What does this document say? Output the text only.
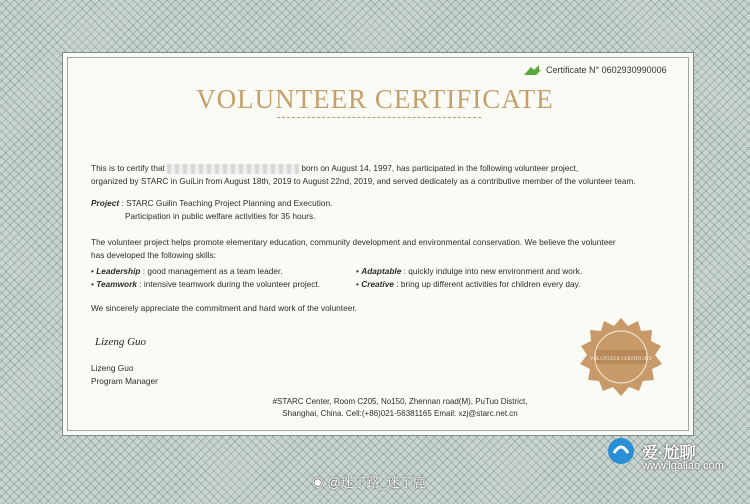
Certificate N° 0602930990006
VOLUNTEER CERTIFICATE
This is to certify that	born on August 14, 1997, has participated in the following volunteer project,
organized by STARC in GuiLin from August 18th, 2019 to August 22nd, 2019, and served dedicately as a contributive member of the volunteer team.
Project : STARC Guilin Teaching Project Planning and Execution.
Participation in public welfare activities for 35 hours.
The volunteer project helps promote elementary education, community development and environmental conservation. We believe the volunteer
has developed the following skills:
• Leadership : good management as a team leader.
• Teamwork : intensive teamwork during the volunteer project.
• Adaptable : quickly indulge into new environment and work.
• Creative : bring up different activities for children every day.
We sincerely appreciate the commitment and hard work of the volunteer.
Lizeng Guo
Lizeng Guo
Program Manager
#STARC Center, Room C205, No150, Zhennan road(M), PuTuo District,
Shanghai, China. Cell:(+86)021-56381165 Email: xzj@starc.net.cn
VOLUNTEER CERTIFICATE
爱·尬聊
www.igaliao.com
◉ @迷了路_迷了鹿
